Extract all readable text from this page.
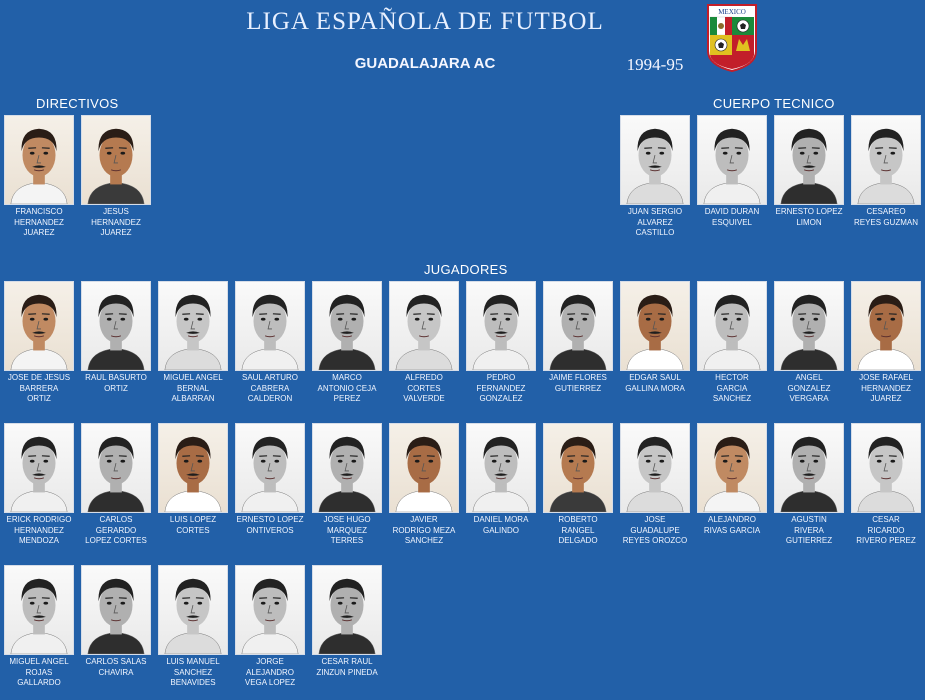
LIGA ESPAÑOLA DE FUTBOL
GUADALAJARA AC	1994-95
MEXICO
DIRECTIVOS	CUERPO TECNICO
JUGADORES
FRANCISCO
HERNANDEZ
JUAREZ
JESUS
HERNANDEZ
JUAREZ
JUAN SERGIO
ALVAREZ
CASTILLO
DAVID DURAN
ESQUIVEL
ERNESTO LOPEZ
LIMON
CESAREO
REYES GUZMAN
JOSE DE JESUS
BARRERA
ORTIZ
RAUL BASURTO
ORTIZ
MIGUEL ANGEL
BERNAL
ALBARRAN
SAUL ARTURO
CABRERA
CALDERON
MARCO
ANTONIO CEJA
PEREZ
ALFREDO
CORTES
VALVERDE
PEDRO
FERNANDEZ
GONZALEZ
JAIME FLORES
GUTIERREZ
EDGAR SAUL
GALLINA MORA
HECTOR
GARCIA
SANCHEZ
ANGEL
GONZALEZ
VERGARA
JOSE RAFAEL
HERNANDEZ
JUAREZ
ERICK RODRIGO
HERNANDEZ
MENDOZA
CARLOS
GERARDO
LOPEZ CORTES
LUIS LOPEZ
CORTES
ERNESTO LOPEZ
ONTIVEROS
JOSE HUGO
MARQUEZ
TERRES
JAVIER
RODRIGO MEZA
SANCHEZ
DANIEL MORA
GALINDO
ROBERTO
RANGEL
DELGADO
JOSE
GUADALUPE
REYES OROZCO
ALEJANDRO
RIVAS GARCIA
AGUSTIN
RIVERA
GUTIERREZ
CESAR
RICARDO
RIVERO PEREZ
MIGUEL ANGEL
ROJAS
GALLARDO
CARLOS SALAS
CHAVIRA
LUIS MANUEL
SANCHEZ
BENAVIDES
JORGE
ALEJANDRO
VEGA LOPEZ
CESAR RAUL
ZINZUN PINEDA
